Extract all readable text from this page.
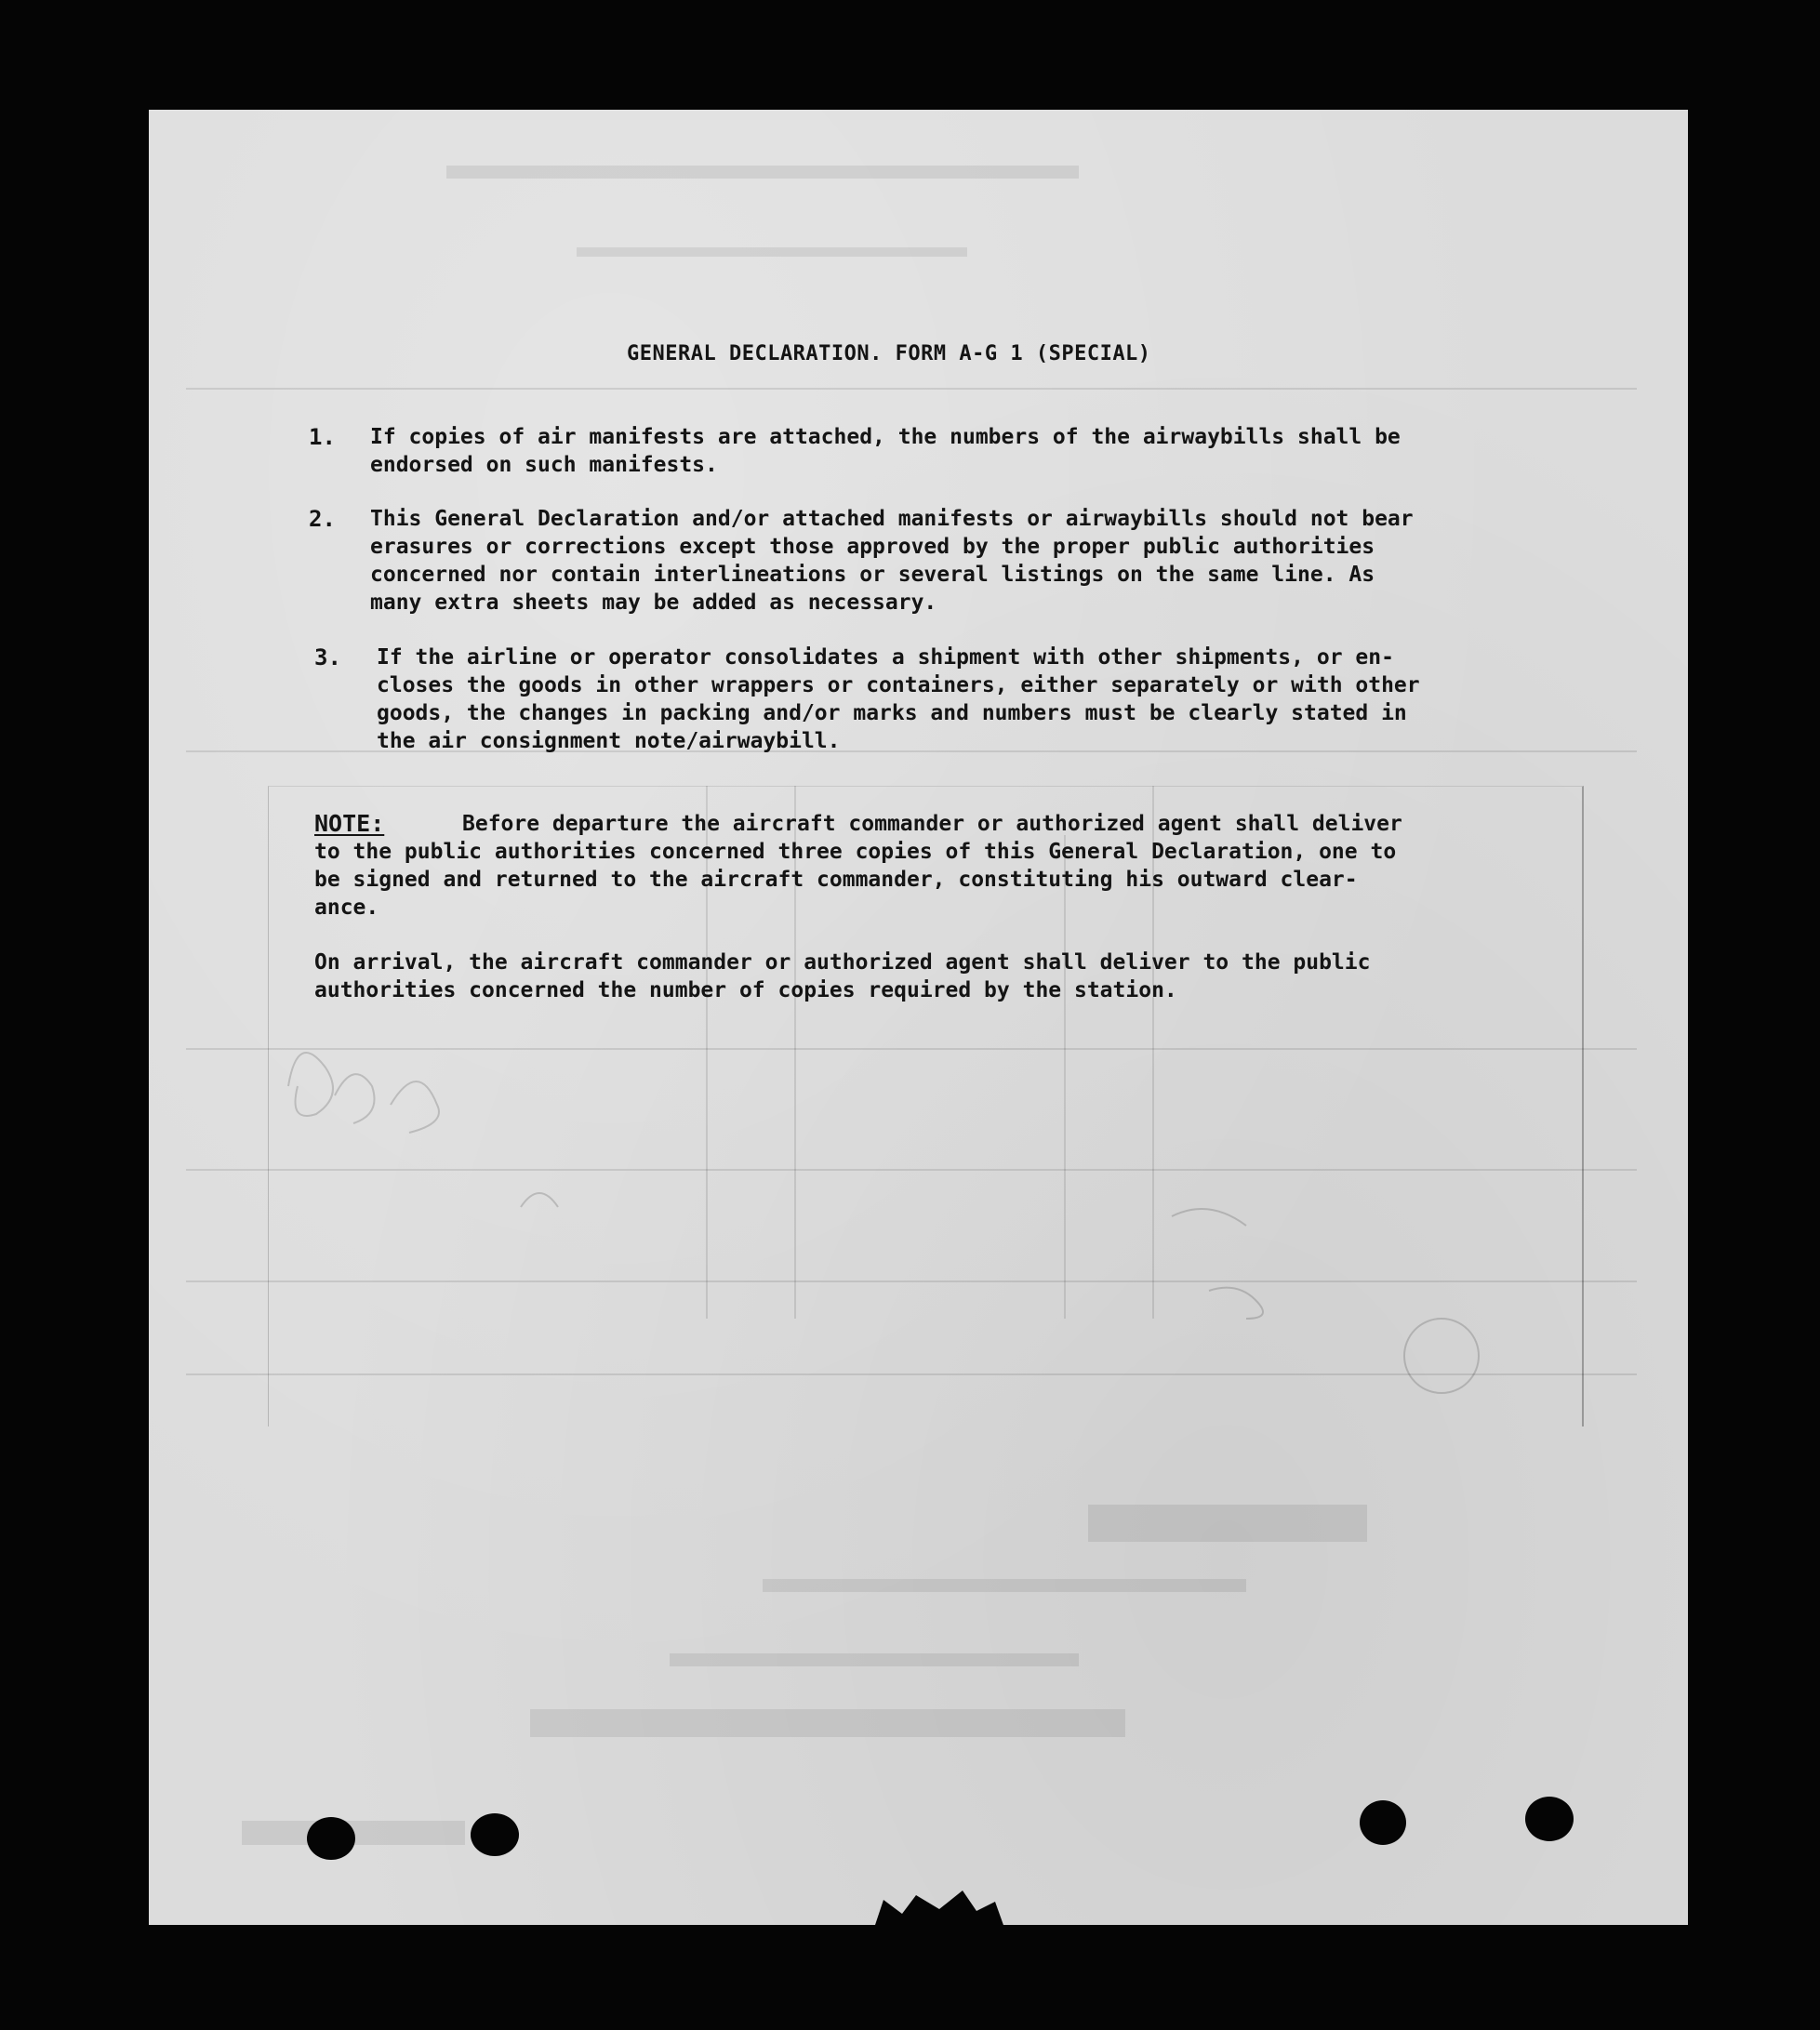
GENERAL DECLARATION. FORM A-G 1 (SPECIAL)
1. If copies of air manifests are attached, the numbers of the airwaybills shall be
endorsed on such manifests.
2. This General Declaration and/or attached manifests or airwaybills should not bear
erasures or corrections except those approved by the proper public authorities
concerned nor contain interlineations or several listings on the same line. As
many extra sheets may be added as necessary.
3. If the airline or operator consolidates a shipment with other shipments, or en-
closes the goods in other wrappers or containers, either separately or with other
goods, the changes in packing and/or marks and numbers must be clearly stated in
the air consignment note/airwaybill.
NOTE:	Before departure the aircraft commander or authorized agent shall deliver
to the public authorities concerned three copies of this General Declaration, one to
be signed and returned to the aircraft commander, constituting his outward clear-
ance.
On arrival, the aircraft commander or authorized agent shall deliver to the public
authorities concerned the number of copies required by the station.
